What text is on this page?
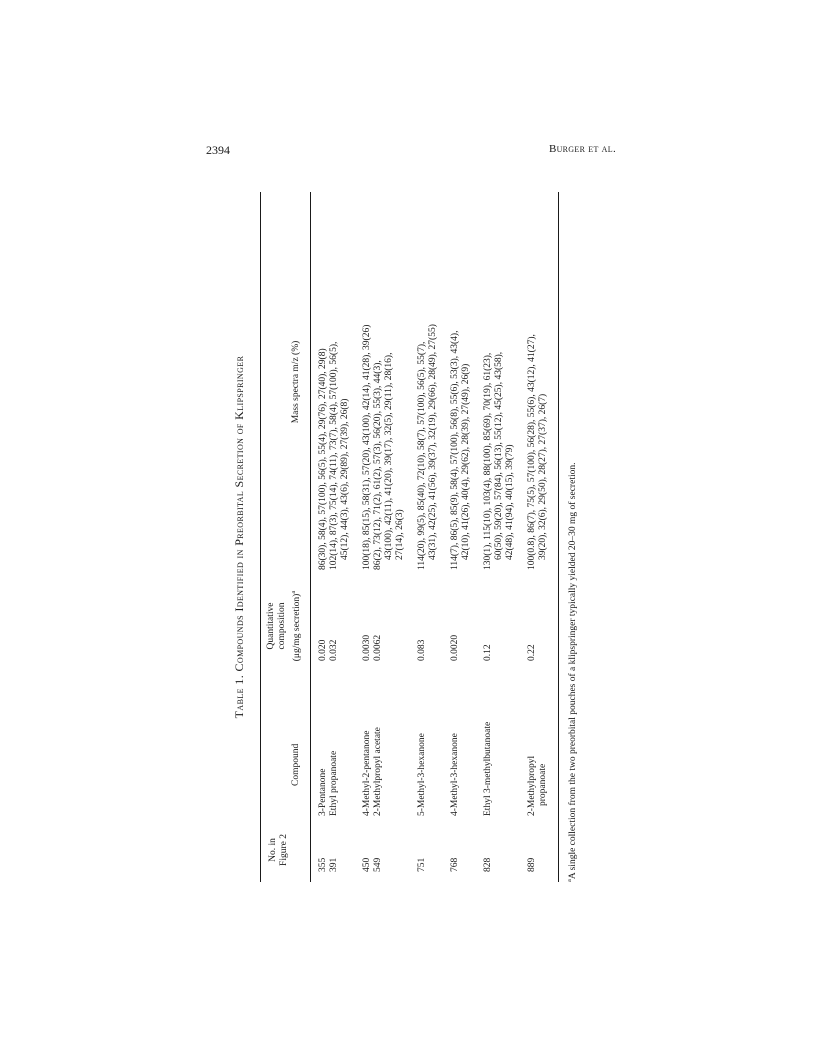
2394	Burger et al.
Table 1. Compounds Identified in Preorbital Secretion of Klipspringer
No. in Figure 2
Compound
Quantitative composition (μg/mg secretion)$^a$
Mass spectra m/z (%)
355
3-Pentanone
0.020
86(30), 58(4), 57(100), 56(5), 55(4), 29(76), 27(40), 29(8)
391
Ethyl propanoate
0.032
102(14), 87(3), 75(14), 74(11), 73(7), 58(4), 57(100), 56(5), 45(12), 44(3), 43(6), 29(89), 27(39), 26(8)
450
4-Methyl-2-pentanone
0.0030
100(18), 85(15), 58(31), 57(20), 43(100), 42(14), 41(28), 39(26)
549
2-Methylpropyl acetate
0.0062
86(2), 73(12), 71(2), 61(2), 57(3), 56(20), 55(3), 44(3), 43(100), 42(11), 41(20), 39(17), 32(5), 29(11), 28(16), 27(14), 26(3)
751
5-Methyl-3-hexanone
0.083
114(20), 99(5), 85(40), 72(10), 58(7), 57(100), 56(5), 55(7), 43(31), 42(25), 41(56), 39(37), 32(19), 29(66), 28(49), 27(55)
768
4-Methyl-3-hexanone
0.0020
114(7), 86(5), 85(9), 58(4), 57(100), 56(8), 55(6), 53(3), 43(4), 42(10), 41(26), 40(4), 29(62), 28(39), 27(49), 26(9)
828
Ethyl 3-methylbutanoate
0.12
130(1), 115(10), 103(4), 88(100), 85(69), 70(19), 61(23), 60(50), 59(20), 57(84), 56(13), 55(12), 45(25), 43(58), 42(48), 41(94), 40(15), 39(79)
889
2-Methylpropyl propanoate
0.22
100(0.8), 86(7), 75(5), 57(100), 56(28), 55(6), 43(12), 41(27), 39(20), 32(6), 29(50), 28(27), 27(37), 26(7)
$^a$A single collection from the two preorbital pouches of a klipspringer typically yielded 20–30 mg of secretion.
